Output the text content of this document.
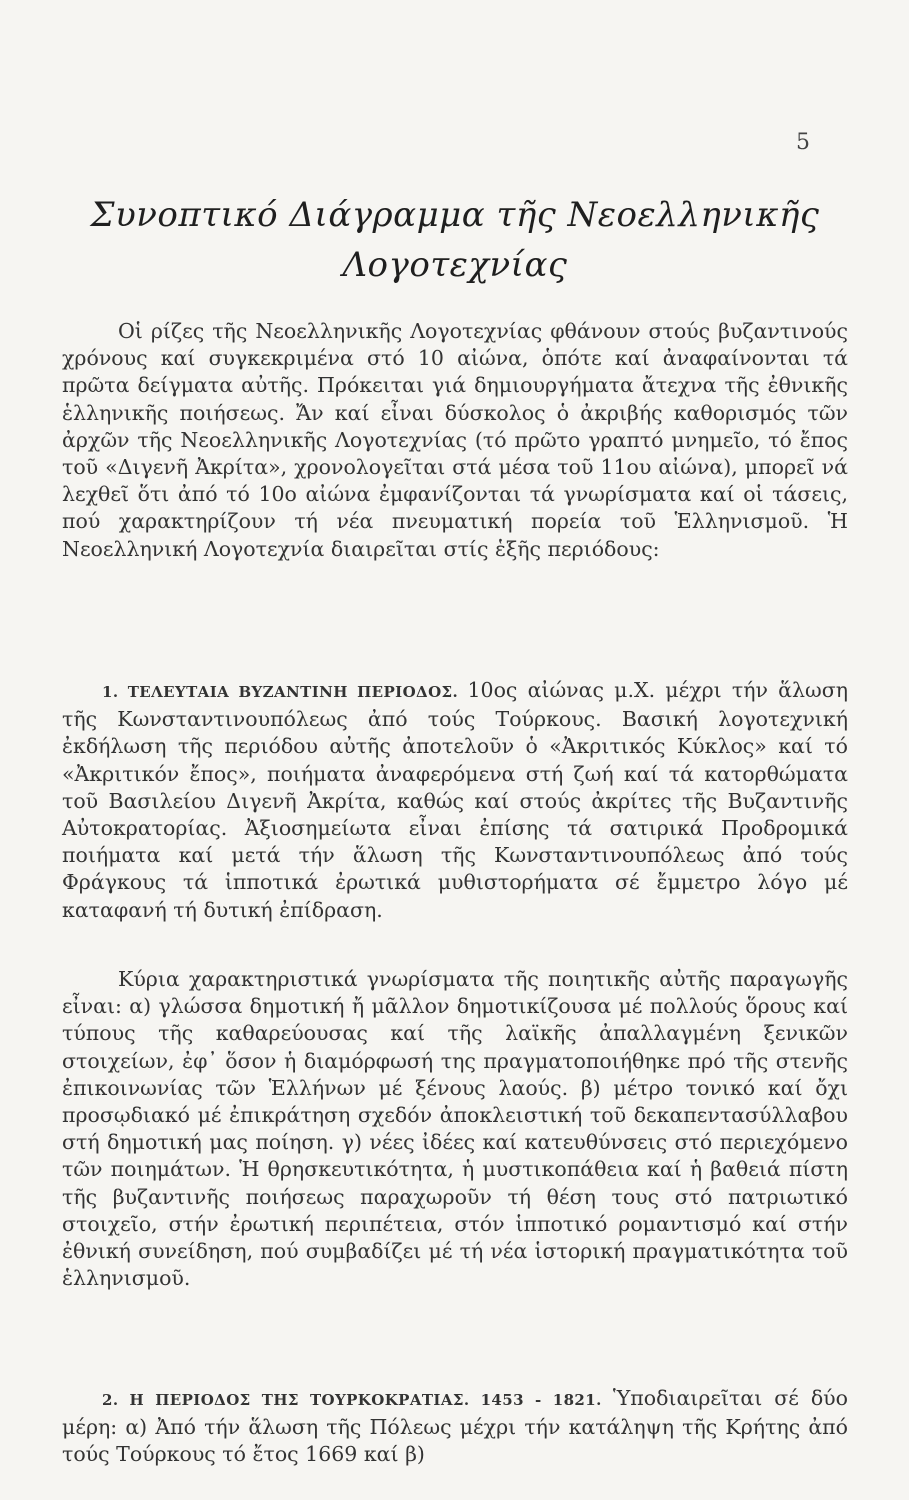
5
Συνοπτικό Διάγραμμα τῆς Νεοελληνικῆς
Λογοτεχνίας
Οἱ ρίζες τῆς Νεοελληνικῆς Λογοτεχνίας φθάνουν στούς βυζαντινούς χρόνους καί συγκεκριμένα στό 10 αἰώνα, ὁπότε καί ἀναφαίνονται τά πρῶτα δείγματα αὐτῆς. Πρόκειται γιά δημιουργήματα ἄτεχνα τῆς ἐθνικῆς ἑλληνικῆς ποιήσεως. Ἄν καί εἶναι δύσκολος ὁ ἀκριβής καθορισμός τῶν ἀρχῶν τῆς Νεοελληνικῆς Λογοτεχνίας (τό πρῶτο γραπτό μνημεῖο, τό ἔπος τοῦ «Διγενῆ Ἀκρίτα», χρονολογεῖται στά μέσα τοῦ 11ου αἰώνα), μπορεῖ νά λεχθεῖ ὅτι ἀπό τό 10ο αἰώνα ἐμφανίζονται τά γνωρίσματα καί οἱ τάσεις, πού χαρακτηρίζουν τή νέα πνευματική πορεία τοῦ Ἑλληνισμοῦ. Ἡ Νεοελληνική Λογοτεχνία διαιρεῖται στίς ἑξῆς περιόδους:
1. ΤΕΛΕΥΤΑΙΑ ΒΥΖΑΝΤΙΝΗ ΠΕΡΙΟΔΟΣ. 10ος αἰώνας μ.Χ. μέχρι τήν ἅλωση τῆς Κωνσταντινουπόλεως ἀπό τούς Τούρκους. Βασική λογοτεχνική ἐκδήλωση τῆς περιόδου αὐτῆς ἀποτελοῦν ὁ «Ἀκριτικός Κύκλος» καί τό «Ἀκριτικόν ἔπος», ποιήματα ἀναφερόμενα στή ζωή καί τά κατορθώματα τοῦ Βασιλείου Διγενῆ Ἀκρίτα, καθώς καί στούς ἀκρίτες τῆς Βυζαντινῆς Αὐτοκρατορίας. Ἀξιοσημείωτα εἶναι ἐπίσης τά σατιρικά Προδρομικά ποιήματα καί μετά τήν ἅλωση τῆς Κωνσταντινουπόλεως ἀπό τούς Φράγκους τά ἱπποτικά ἐρωτικά μυθιστορήματα σέ ἔμμετρο λόγο μέ καταφανή τή δυτική ἐπίδραση.
Κύρια χαρακτηριστικά γνωρίσματα τῆς ποιητικῆς αὐτῆς παραγωγῆς εἶναι: α) γλώσσα δημοτική ἤ μᾶλλον δημοτικίζουσα μέ πολλούς ὅρους καί τύπους τῆς καθαρεύουσας καί τῆς λαϊκῆς ἀπαλλαγμένη ξενικῶν στοιχείων, ἐφ᾿ ὅσον ἡ διαμόρφωσή της πραγματοποιήθηκε πρό τῆς στενῆς ἐπικοινωνίας τῶν Ἑλλήνων μέ ξένους λαούς. β) μέτρο τονικό καί ὄχι προσῳδιακό μέ ἐπικράτηση σχεδόν ἀποκλειστική τοῦ δεκαπεντασύλλαβου στή δημοτική μας ποίηση. γ) νέες ἰδέες καί κατευθύνσεις στό περιεχόμενο τῶν ποιημάτων. Ἡ θρησκευτικότητα, ἡ μυστικοπάθεια καί ἡ βαθειά πίστη τῆς βυζαντινῆς ποιήσεως παραχωροῦν τή θέση τους στό πατριωτικό στοιχεῖο, στήν ἐρωτική περιπέτεια, στόν ἱπποτικό ρομαντισμό καί στήν ἐθνική συνείδηση, πού συμβαδίζει μέ τή νέα ἱστορική πραγματικότητα τοῦ ἑλληνισμοῦ.
2. Η ΠΕΡΙΟΔΟΣ ΤΗΣ ΤΟΥΡΚΟΚΡΑΤΙΑΣ. 1453 - 1821. Ὑποδιαιρεῖται σέ δύο μέρη: α) Ἀπό τήν ἅλωση τῆς Πόλεως μέχρι τήν κατάληψη τῆς Κρήτης ἀπό τούς Τούρκους τό ἔτος 1669 καί β)
